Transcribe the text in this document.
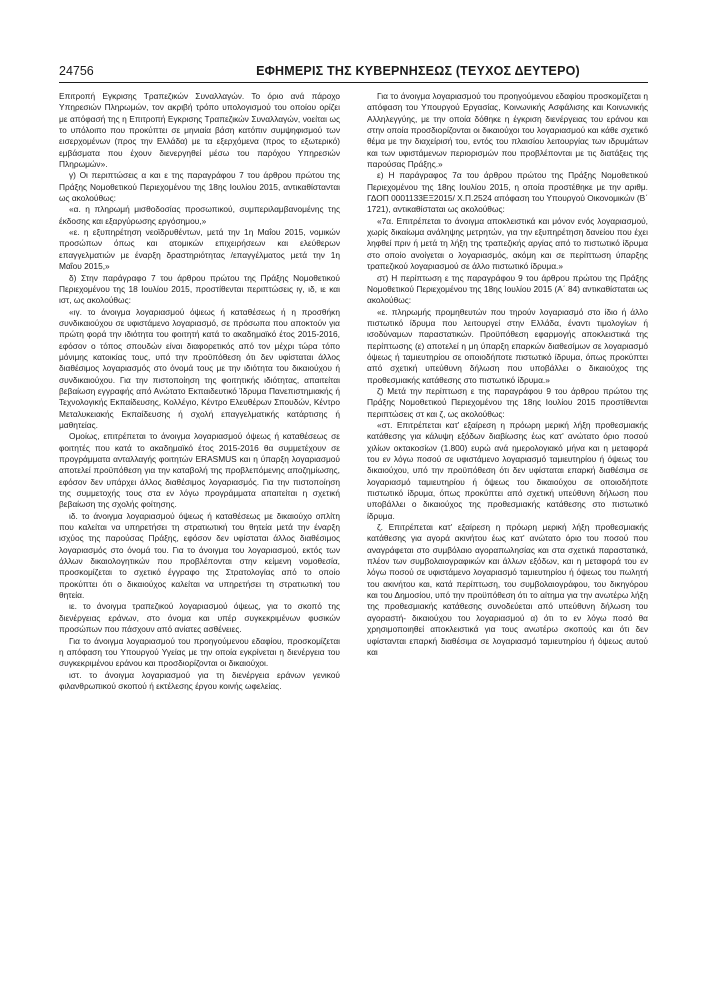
24756	ΕΦΗΜΕΡΙΣ ΤΗΣ ΚΥΒΕΡΝΗΣΕΩΣ (ΤΕΥΧΟΣ ΔΕΥΤΕΡΟ)

Επιτροπή Εγκρισης Τραπεζικών Συναλλαγών. Το όριο ανά πάροχο Υπηρεσιών Πληρωμών, τον ακριβή τρόπο υπολογισμού του οποίου ορίζει με απόφασή της η Επιτροπή Εγκρισης Τραπεζικών Συναλλαγών, νοείται ως το υπόλοιπο που προκύπτει σε μηνιαία βάση κατόπιν συμψηφισμού των εισερχομένων (προς την Ελλάδα) με τα εξερχόμενα (προς το εξωτερικό) εμβάσματα που έχουν διενεργηθεί μέσω του παρόχου Υπηρεσιών Πληρωμών».

γ) Οι περιπτώσεις α και ε της παραγράφου 7 του άρθρου πρώτου της Πράξης Νομοθετικού Περιεχομένου της 18ης Ιουλίου 2015, αντικαθίστανται ως ακολούθως:

«α. η πληρωμή μισθοδοσίας προσωπικού, συμπεριλαμβανομένης της έκδοσης και εξαργύρωσης εργόσημου,»

«ε. η εξυπηρέτηση νεοϊδρυθέντων, μετά την 1η Μαΐου 2015, νομικών προσώπων όπως και ατομικών επιχειρήσεων και ελεύθερων επαγγελματιών με έναρξη δραστηριότητας /επαγγέλματος μετά την 1η Μαΐου 2015,»

δ) Στην παράγραφο 7 του άρθρου πρώτου της Πράξης Νομοθετικού Περιεχομένου της 18 Ιουλίου 2015, προστίθενται περιπτώσεις ιγ, ιδ, ιε και ιστ, ως ακολούθως:

«ιγ. το άνοιγμα λογαριασμού όψεως ή καταθέσεως ή η προσθήκη συνδικαιούχου σε υφιστάμενο λογαριασμό, σε πρόσωπα που αποκτούν για πρώτη φορά την ιδιότητα του φοιτητή κατά το ακαδημαϊκό έτος 2015-2016, εφόσον ο τόπος σπουδών είναι διαφορετικός από τον μέχρι τώρα τόπο μόνιμης κατοικίας τους, υπό την προϋπόθεση ότι δεν υφίσταται άλλος διαθέσιμος λογαριασμός στο όνομά τους με την ιδιότητα του δικαιούχου ή συνδικαιούχου. Για την πιστοποίηση της φοιτητικής ιδιότητας, απαιτείται βεβαίωση εγγραφής από Ανώτατο Εκπαιδευτικό Ίδρυμα Πανεπιστημιακής ή Τεχνολογικής Εκπαίδευσης, Κολλέγιο, Κέντρο Ελευθέρων Σπουδών, Κέντρο Μεταλυκειακής Εκπαίδευσης ή σχολή επαγγελματικής κατάρτισης ή μαθητείας.

Ομοίως, επιτρέπεται το άνοιγμα λογαριασμού όψεως ή καταθέσεως σε φοιτητές που κατά το ακαδημαϊκό έτος 2015-2016 θα συμμετέχουν σε προγράμματα ανταλλαγής φοιτητών ERASMUS και η ύπαρξη λογαριασμού αποτελεί προϋπόθεση για την καταβολή της προβλεπόμενης αποζημίωσης, εφόσον δεν υπάρχει άλλος διαθέσιμος λογαριασμός. Για την πιστοποίηση της συμμετοχής τους στα εν λόγω προγράμματα απαιτείται η σχετική βεβαίωση της σχολής φοίτησης.

ιδ. το άνοιγμα λογαριασμού όψεως ή καταθέσεως με δικαιούχο οπλίτη που καλείται να υπηρετήσει τη στρατιωτική του θητεία μετά την έναρξη ισχύος της παρούσας Πράξης, εφόσον δεν υφίσταται άλλος διαθέσιμος λογαριασμός στο όνομά του. Για το άνοιγμα του λογαριασμού, εκτός των άλλων δικαιολογητικών που προβλέπονται στην κείμενη νομοθεσία, προσκομίζεται το σχετικό έγγραφο της Στρατολογίας από το οποίο προκύπτει ότι ο δικαιούχος καλείται να υπηρετήσει τη στρατιωτική του θητεία.

ιε. το άνοιγμα τραπεζικού λογαριασμού όψεως, για το σκοπό της διενέργειας εράνων, στο όνομα και υπέρ συγκεκριμένων φυσικών προσώπων που πάσχουν από ανίατες ασθένειες.

Για το άνοιγμα λογαριασμού του προηγούμενου εδαφίου, προσκομίζεται η απόφαση του Υπουργού Υγείας με την οποία εγκρίνεται η διενέργεια του συγκεκριμένου εράνου και προσδιορίζονται οι δικαιούχοι.

ιστ. το άνοιγμα λογαριασμού για τη διενέργεια εράνων γενικού φιλανθρωπικού σκοπού ή εκτέλεσης έργου κοινής ωφελείας.

Για το άνοιγμα λογαριασμού του προηγούμενου εδαφίου προσκομίζεται η απόφαση του Υπουργού Εργασίας, Κοινωνικής Ασφάλισης και Κοινωνικής Αλληλεγγύης, με την οποία δόθηκε η έγκριση διενέργειας του εράνου και στην οποία προσδιορίζονται οι δικαιούχοι του λογαριασμού και κάθε σχετικό θέμα με την διαχείρισή του, εντός του πλαισίου λειτουργίας των ιδρυμάτων και των υφιστάμενων περιορισμών που προβλέπονται με τις διατάξεις της παρούσας Πράξης.»

ε) Η παράγραφος 7α του άρθρου πρώτου της Πράξης Νομοθετικού Περιεχομένου της 18ης Ιουλίου 2015, η οποία προστέθηκε με την αριθμ. ΓΔΟΠ 0001133ΕΞ2015/ Χ.Π.2524 απόφαση του Υπουργού Οικονομικών (Β΄ 1721), αντικαθίσταται ως ακολούθως:

«7α. Επιτρέπεται το άνοιγμα αποκλειστικά και μόνον ενός λογαριασμού, χωρίς δικαίωμα ανάληψης μετρητών, για την εξυπηρέτηση δανείου που έχει ληφθεί πριν ή μετά τη λήξη της τραπεζικής αργίας από το πιστωτικό ίδρυμα στο οποίο ανοίγεται ο λογαριασμός, ακόμη και σε περίπτωση ύπαρξης τραπεζικού λογαριασμού σε άλλο πιστωτικό ίδρυμα.»

στ) Η περίπτωση ε της παραγράφου 9 του άρθρου πρώτου της Πράξης Νομοθετικού Περιεχομένου της 18ης Ιουλίου 2015 (Α΄ 84) αντικαθίσταται ως ακολούθως:

«ε. πληρωμής προμηθευτών που τηρούν λογαριασμό στο ίδιο ή άλλο πιστωτικό ίδρυμα που λειτουργεί στην Ελλάδα, έναντι τιμολογίων ή ισοδύναμων παραστατικών. Προϋπόθεση εφαρμογής αποκλειστικά της περίπτωσης (ε) αποτελεί η μη ύπαρξη επαρκών διαθεσίμων σε λογαριασμό όψεως ή ταμιευτηρίου σε οποιοδήποτε πιστωτικό ίδρυμα, όπως προκύπτει από σχετική υπεύθυνη δήλωση που υποβάλλει ο δικαιούχος της προθεσμιακής κατάθεσης στο πιστωτικό ίδρυμα.»

ζ) Μετά την περίπτωση ε της παραγράφου 9 του άρθρου πρώτου της Πράξης Νομοθετικού Περιεχομένου της 18ης Ιουλίου 2015 προστίθενται περιπτώσεις στ και ζ, ως ακολούθως:

«στ. Επιτρέπεται κατ' εξαίρεση η πρόωρη μερική λήξη προθεσμιακής κατάθεσης για κάλυψη εξόδων διαβίωσης έως κατ' ανώτατο όριο ποσού χιλίων οκτακοσίων (1.800) ευρώ ανά ημερολογιακό μήνα και η μεταφορά του εν λόγω ποσού σε υφιστάμενο λογαριασμό ταμιευτηρίου ή όψεως του δικαιούχου, υπό την προϋπόθεση ότι δεν υφίσταται επαρκή διαθέσιμα σε λογαριασμό ταμιευτηρίου ή όψεως του δικαιούχου σε οποιοδήποτε πιστωτικό ίδρυμα, όπως προκύπτει από σχετική υπεύθυνη δήλωση που υποβάλλει ο δικαιούχος της προθεσμιακής κατάθεσης στο πιστωτικό ίδρυμα.

ζ. Επιτρέπεται κατ' εξαίρεση η πρόωρη μερική λήξη προθεσμιακής κατάθεσης για αγορά ακινήτου έως κατ' ανώτατο όριο του ποσού που αναγράφεται στο συμβόλαιο αγοραπωλησίας και στα σχετικά παραστατικά, πλέον των συμβολαιογραφικών και άλλων εξόδων, και η μεταφορά του εν λόγω ποσού σε υφιστάμενο λογαριασμό ταμιευτηρίου ή όψεως του πωλητή του ακινήτου και, κατά περίπτωση, του συμβολαιογράφου, του δικηγόρου και του Δημοσίου, υπό την προϋπόθεση ότι το αίτημα για την ανωτέρω λήξη της προθεσμιακής κατάθεσης συνοδεύεται από υπεύθυνη δήλωση του αγοραστή- δικαιούχου του λογαριασμού α) ότι το εν λόγω ποσό θα χρησιμοποιηθεί αποκλειστικά για τους ανωτέρω σκοπούς και ότι δεν υφίστανται επαρκή διαθέσιμα σε λογαριασμό ταμιευτηρίου ή όψεως αυτού και
